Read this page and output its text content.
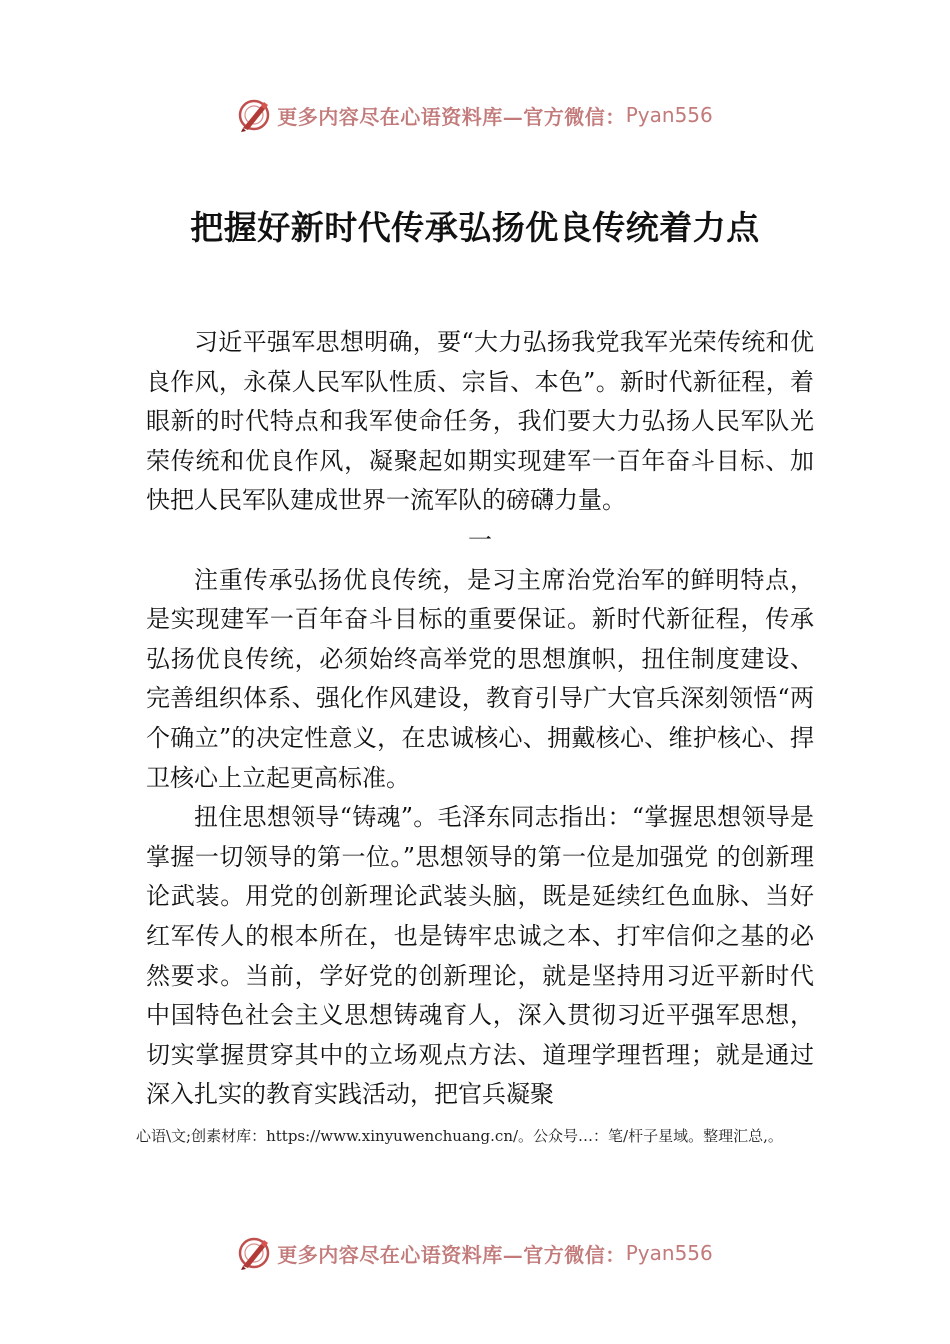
更多内容尽在心语资料库—官方微信： Pyan556
把握好新时代传承弘扬优良传统着力点

习近平强军思想明确，要“大力弘扬我党我军光荣传统和优良作风，永葆人民军队性质、宗旨、本色”。新时代新征程，着眼新的时代特点和我军使命任务，我们要大力弘扬人民军队光荣传统和优良作风，凝聚起如期实现建军一百年奋斗目标、加快把人民军队建成世界一流军队的磅礴力量。

一

注重传承弘扬优良传统，是习主席治党治军的鲜明特点，是实现建军一百年奋斗目标的重要保证。新时代新征程，传承弘扬优良传统，必须始终高举党的思想旗帜，扭住制度建设、完善组织体系、强化作风建设，教育引导广大官兵深刻领悟“两个确立”的决定性意义，在忠诚核心、拥戴核心、维护核心、捍卫核心上立起更高标准。

扭住思想领导“铸魂”。毛泽东同志指出：“掌握思想领导是掌握一切领导的第一位。”思想领导的第一位是加强党 的创新理论武装。用党的创新理论武装头脑，既是延续红色血脉、当好红军传人的根本所在，也是铸牢忠诚之本、打牢信仰之基的必然要求。当前，学好党的创新理论，就是坚持用习近平新时代中国特色社会主义思想铸魂育人，深入贯彻习近平强军思想，切实掌握贯穿其中的立场观点方法、道理学理哲理；就是通过深入扎实的教育实践活动，把官兵凝聚

心语\文;创素材库：https://www.xinyuwenchuang.cn/。公众号…：笔/杆子星域。整理汇总,。
更多内容尽在心语资料库—官方微信： Pyan556
